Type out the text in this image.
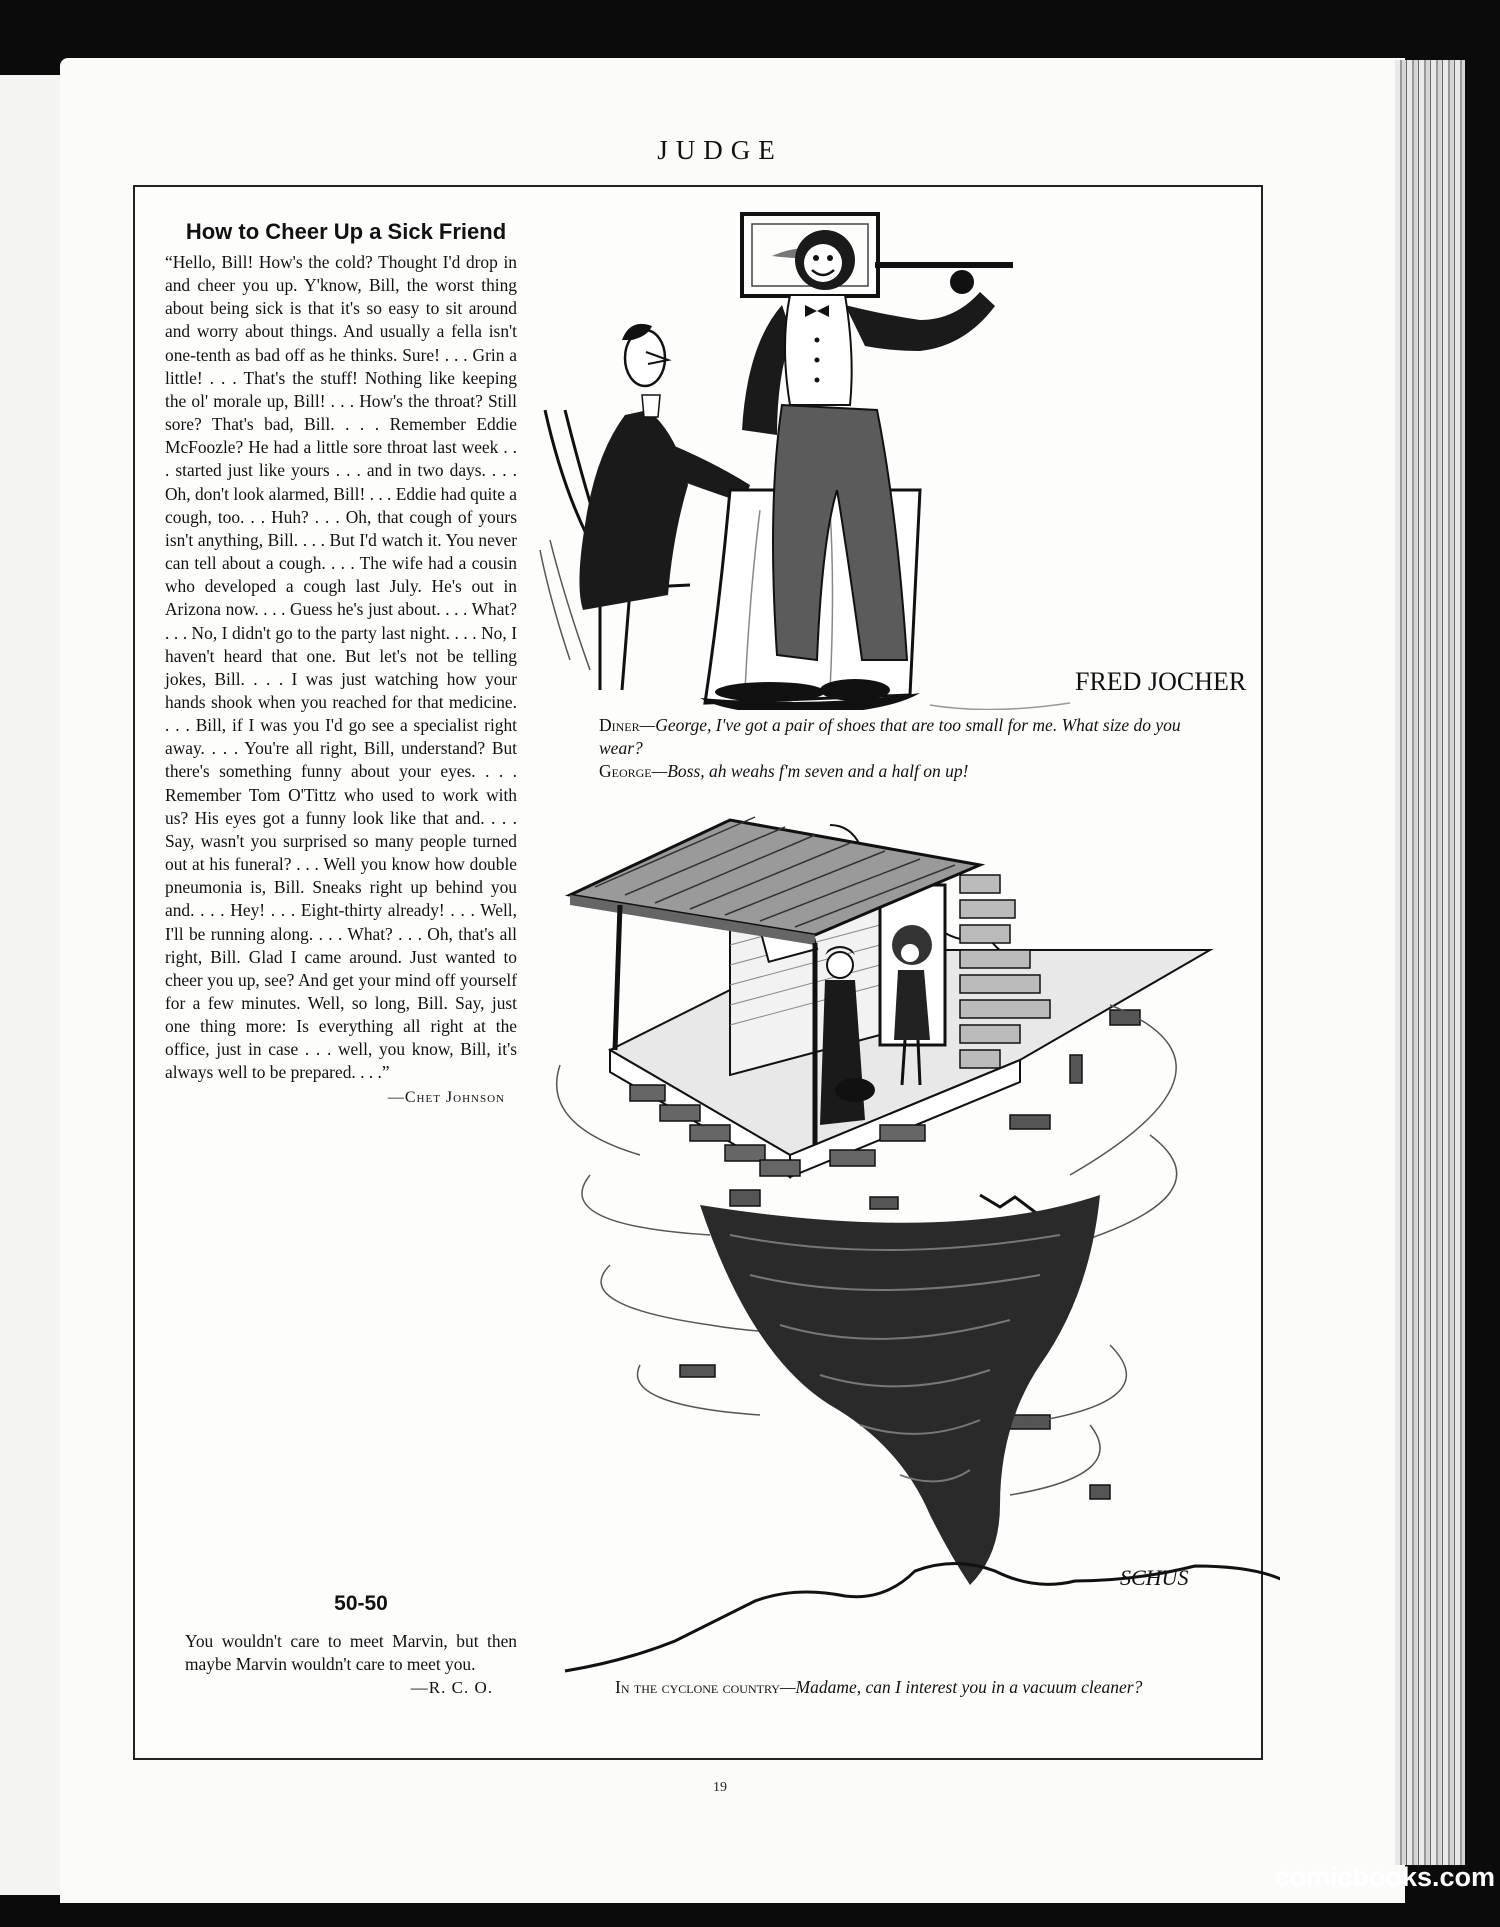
JUDGE
How to Cheer Up a Sick Friend

“Hello, Bill! How's the cold? Thought I'd drop in and cheer you up. Y'know, Bill, the worst thing about being sick is that it's so easy to sit around and worry about things. And usually a fella isn't one-tenth as bad off as he thinks. Sure! . . . Grin a little! . . . That's the stuff! Nothing like keeping the ol' morale up, Bill! . . . How's the throat? Still sore? That's bad, Bill. . . . Remember Eddie McFoozle? He had a little sore throat last week . . . started just like yours . . . and in two days. . . . Oh, don't look alarmed, Bill! . . . Eddie had quite a cough, too. . . Huh? . . . Oh, that cough of yours isn't anything, Bill. . . . But I'd watch it. You never can tell about a cough. . . . The wife had a cousin who developed a cough last July. He's out in Arizona now. . . . Guess he's just about. . . . What? . . . No, I didn't go to the party last night. . . . No, I haven't heard that one. But let's not be telling jokes, Bill. . . . I was just watching how your hands shook when you reached for that medicine. . . . Bill, if I was you I'd go see a specialist right away. . . . You're all right, Bill, understand? But there's something funny about your eyes. . . . Remember Tom O'Tittz who used to work with us? His eyes got a funny look like that and. . . . Say, wasn't you surprised so many people turned out at his funeral? . . . Well you know how double pneumonia is, Bill. Sneaks right up behind you and. . . . Hey! . . . Eight-thirty already! . . . Well, I'll be running along. . . . What? . . . Oh, that's all right, Bill. Glad I came around. Just wanted to cheer you up, see? And get your mind off yourself for a few minutes. Well, so long, Bill. Say, just one thing more: Is everything all right at the office, just in case . . . well, you know, Bill, it's always well to be prepared. . . .”

—Chet Johnson
50-50

You wouldn't care to meet Marvin, but then maybe Marvin wouldn't care to meet you.

—R. C. O.
FRED JOCHER
Diner—George, I've got a pair of shoes that are too small for me. What size do you wear?
George—Boss, ah weahs f'm seven and a half on up!
SCHUS
In the cyclone country—Madame, can I interest you in a vacuum cleaner?
19
comicbooks.com
